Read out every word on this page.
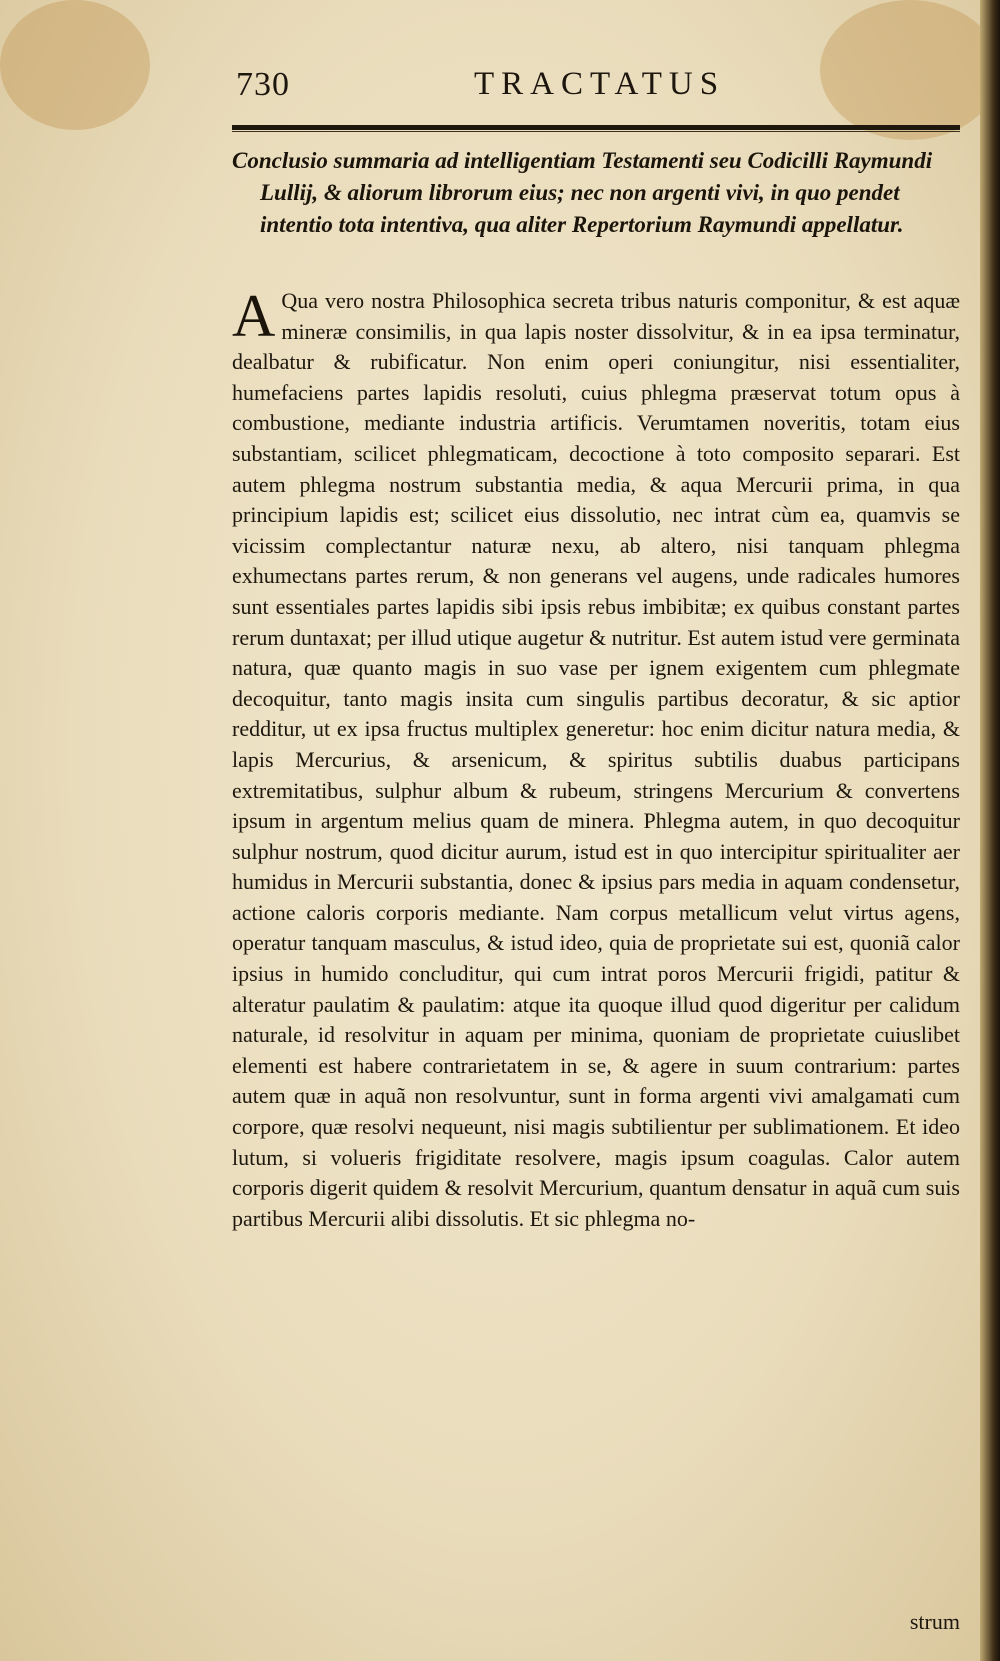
730	TRACTATUS

Conclusio summaria ad intelligentiam Testamenti seu Codicilli Raymundi Lullij, & aliorum librorum eius; nec non argenti vivi, in quo pendet intentio tota intentiva, qua aliter Repertorium Raymundi appellatur.

A Qua vero nostra Philosophica secreta tribus naturis componitur, & est aquæ mineræ consimilis, in qua lapis noster dissolvitur, & in ea ipsa terminatur, dealbatur & rubificatur. Non enim operi coniungitur, nisi essentialiter, humefaciens partes lapidis resoluti, cuius phlegma præservat totum opus à combustione, mediante industria artificis. Verumtamen noveritis, totam eius substantiam, scilicet phlegmaticam, decoctione à toto composito separari. Est autem phlegma nostrum substantia media, & aqua Mercurii prima, in qua principium lapidis est; scilicet eius dissolutio, nec intrat cùm ea, quamvis se vicissim complectantur naturæ nexu, ab altero, nisi tanquam phlegma exhumectans partes rerum, & non generans vel augens, unde radicales humores sunt essentiales partes lapidis sibi ipsis rebus imbibitæ; ex quibus constant partes rerum duntaxat; per illud utique augetur & nutritur. Est autem istud vere germinata natura, quæ quanto magis in suo vase per ignem exigentem cum phlegmate decoquitur, tanto magis insita cum singulis partibus decoratur, & sic aptior redditur, ut ex ipsa fructus multiplex generetur: hoc enim dicitur natura media, & lapis Mercurius, & arsenicum, & spiritus subtilis duabus participans extremitatibus, sulphur album & rubeum, stringens Mercurium & convertens ipsum in argentum melius quam de minera. Phlegma autem, in quo decoquitur sulphur nostrum, quod dicitur aurum, istud est in quo intercipitur spiritualiter aer humidus in Mercurii substantia, donec & ipsius pars media in aquam condensetur, actione caloris corporis mediante. Nam corpus metallicum velut virtus agens, operatur tanquam masculus, & istud ideo, quia de proprietate sui est, quoniã calor ipsius in humido concluditur, qui cum intrat poros Mercurii frigidi, patitur & alteratur paulatim & paulatim: atque ita quoque illud quod digeritur per calidum naturale, id resolvitur in aquam per minima, quoniam de proprietate cuiuslibet elementi est habere contrarietatem in se, & agere in suum contrarium: partes autem quæ in aquã non resolvuntur, sunt in forma argenti vivi amalgamati cum corpore, quæ resolvi nequeunt, nisi magis subtilientur per sublimationem. Et ideo lutum, si volueris frigiditate resolvere, magis ipsum coagulas. Calor autem corporis digerit quidem & resolvit Mercurium, quantum densatur in aquã cum suis partibus Mercurii alibi dissolutis. Et sic phlegma no-

strum
